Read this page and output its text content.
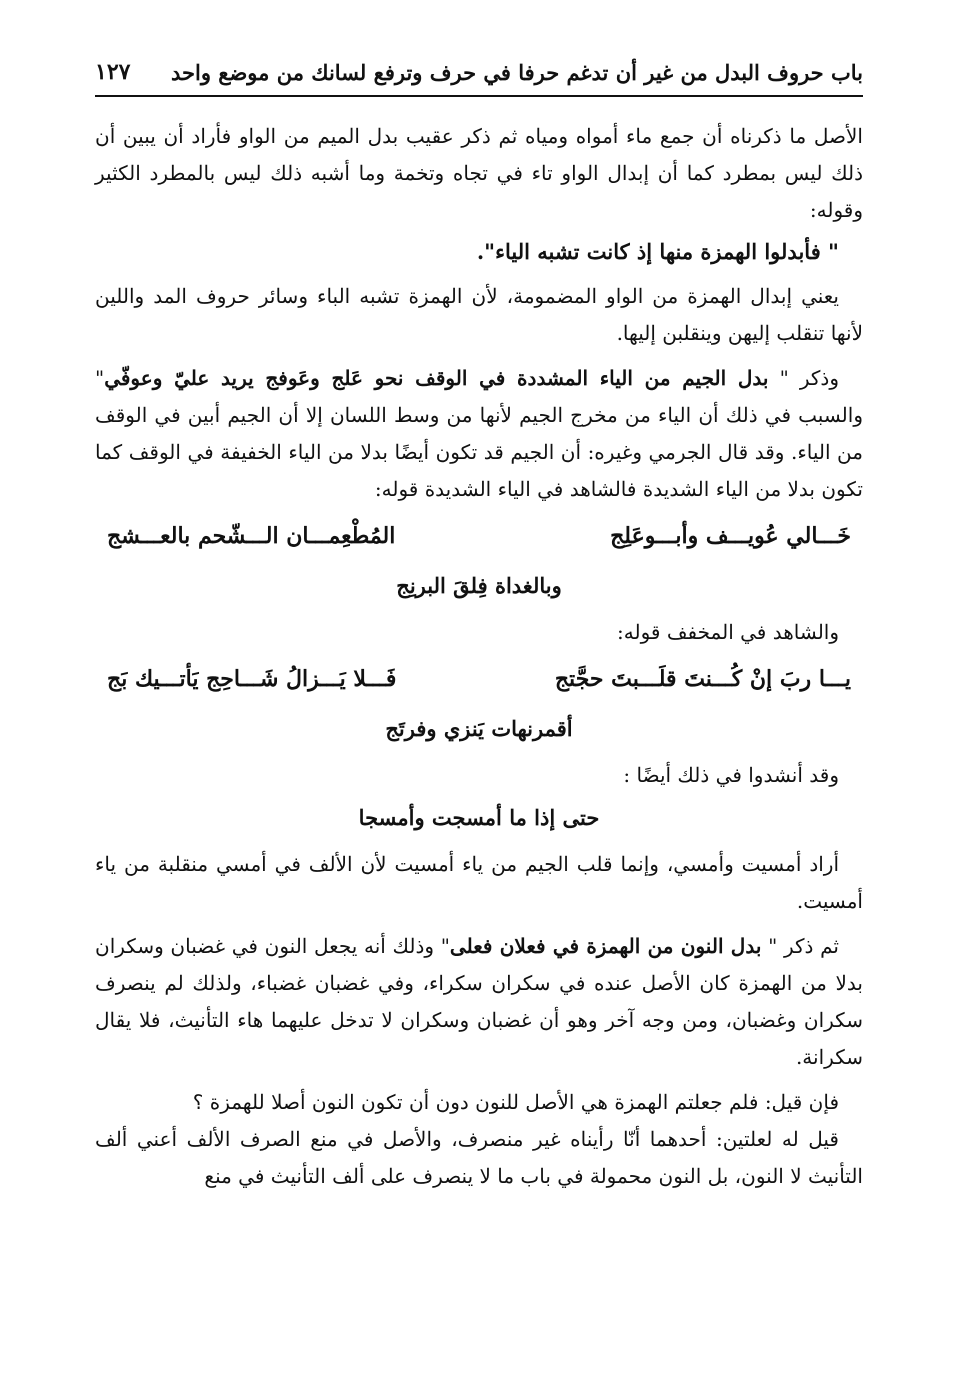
باب حروف البدل من غير أن تدغم حرفا في حرف وترفع لسانك من موضع واحد
١٢٧

الأصل ما ذكرناه أن جمع ماء أمواه ومياه ثم ذكر عقيب بدل الميم من الواو فأراد أن يبين أن ذلك ليس بمطرد كما أن إبدال الواو تاء في تجاه وتخمة وما أشبه ذلك ليس بالمطرد الكثير وقوله:

" فأبدلوا الهمزة منها إذ كانت تشبه الياء".

يعني إبدال الهمزة من الواو المضمومة، لأن الهمزة تشبه الباء وسائر حروف المد واللين لأنها تنقلب إليهن وينقلبن إليها.

وذكر " بدل الجيم من الياء المشددة في الوقف نحو عَلج وعَوفج يريد عليّ وعوفّي" والسبب في ذلك أن الياء من مخرج الجيم لأنها من وسط اللسان إلا أن الجيم أبين في الوقف من الياء. وقد قال الجرمي وغيره: أن الجيم قد تكون أيضًا بدلا من الياء الخفيفة في الوقف كما تكون بدلا من الياء الشديدة فالشاهد في الياء الشديدة قوله:

خَـــالي عُويـــف وأبـــوعَلِج
المُطْعِمـــان الـــشّحم بالعـــشج
وبالغداة فِلقَ البرنِج

والشاهد في المخفف قوله:

يـــا ربَ إنْ كُـــنتَ قلَـــبتَ حجَّتج
فَـــلا يَـــزالُ شَـــاحِج يَأتـــيك بَج
أقمرنهات يَنزي وفرتَج

وقد أنشدوا في ذلك أيضًا :

حتى إذا ما أمسجت وأمسجا

أراد أمسيت وأمسي، وإنما قلب الجيم من ياء أمسيت لأن الألف في أمسي منقلبة من ياء أمسيت.

ثم ذكر " بدل النون من الهمزة في فعلان فعلى" وذلك أنه يجعل النون في غضبان وسكران بدلا من الهمزة كان الأصل عنده في سكران سكراء، وفي غضبان غضباء، ولذلك لم ينصرف سكران وغضبان، ومن وجه آخر وهو أن غضبان وسكران لا تدخل عليهما هاء التأنيث، فلا يقال سكرانة.

فإن قيل: فلم جعلتم الهمزة هي الأصل للنون دون أن تكون النون أصلا للهمزة ؟

قيل له لعلتين: أحدهما أنّا رأيناه غير منصرف، والأصل في منع الصرف الألف أعني ألف التأنيث لا النون، بل النون محمولة في باب ما لا ينصرف على ألف التأنيث في منع
